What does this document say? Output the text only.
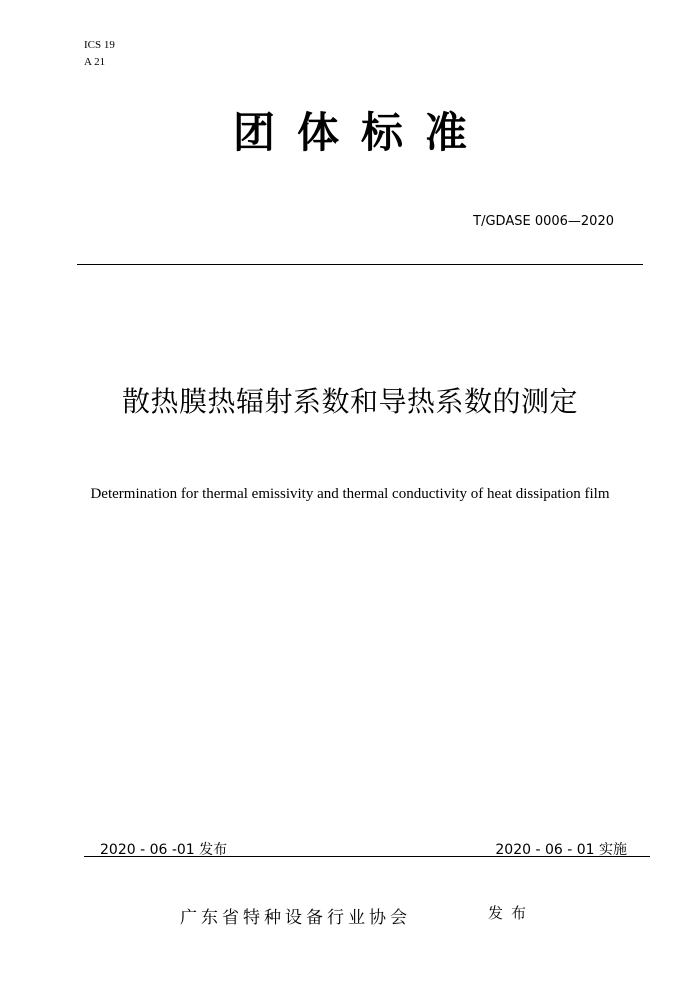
ICS 19
A 21
团体标准
T/GDASE 0006—2020
散热膜热辐射系数和导热系数的测定
Determination for thermal emissivity and thermal conductivity of heat dissipation film
2020 - 06 -01 发布	2020 - 06 - 01 实施
广东省特种设备行业协会	发布
